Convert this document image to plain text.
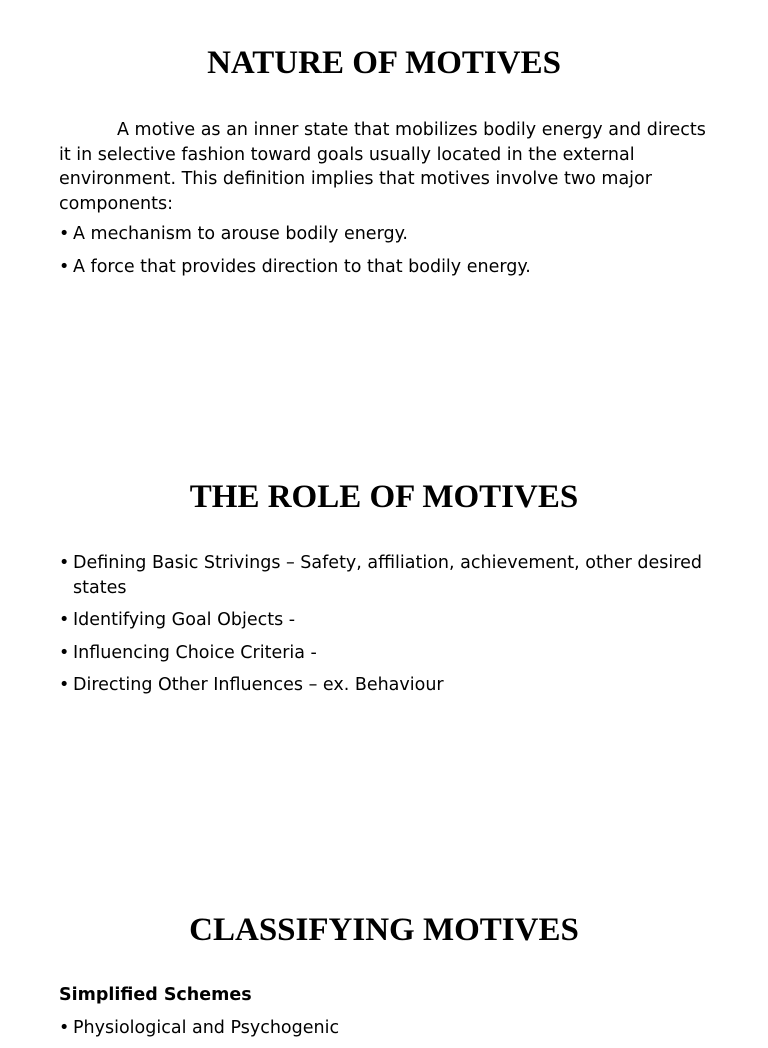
NATURE OF MOTIVES

A motive as an inner state that mobilizes bodily energy and directs it in selective fashion toward goals usually located in the external environment. This definition implies that motives involve two major components:

• A mechanism to arouse bodily energy.
• A force that provides direction to that bodily energy.
THE ROLE OF MOTIVES
• Defining Basic Strivings – Safety, affiliation, achievement, other desired states
• Identifying Goal Objects -
• Influencing Choice Criteria -
• Directing Other Influences – ex. Behaviour
CLASSIFYING MOTIVES

Simplified Schemes

• Physiological and Psychogenic
